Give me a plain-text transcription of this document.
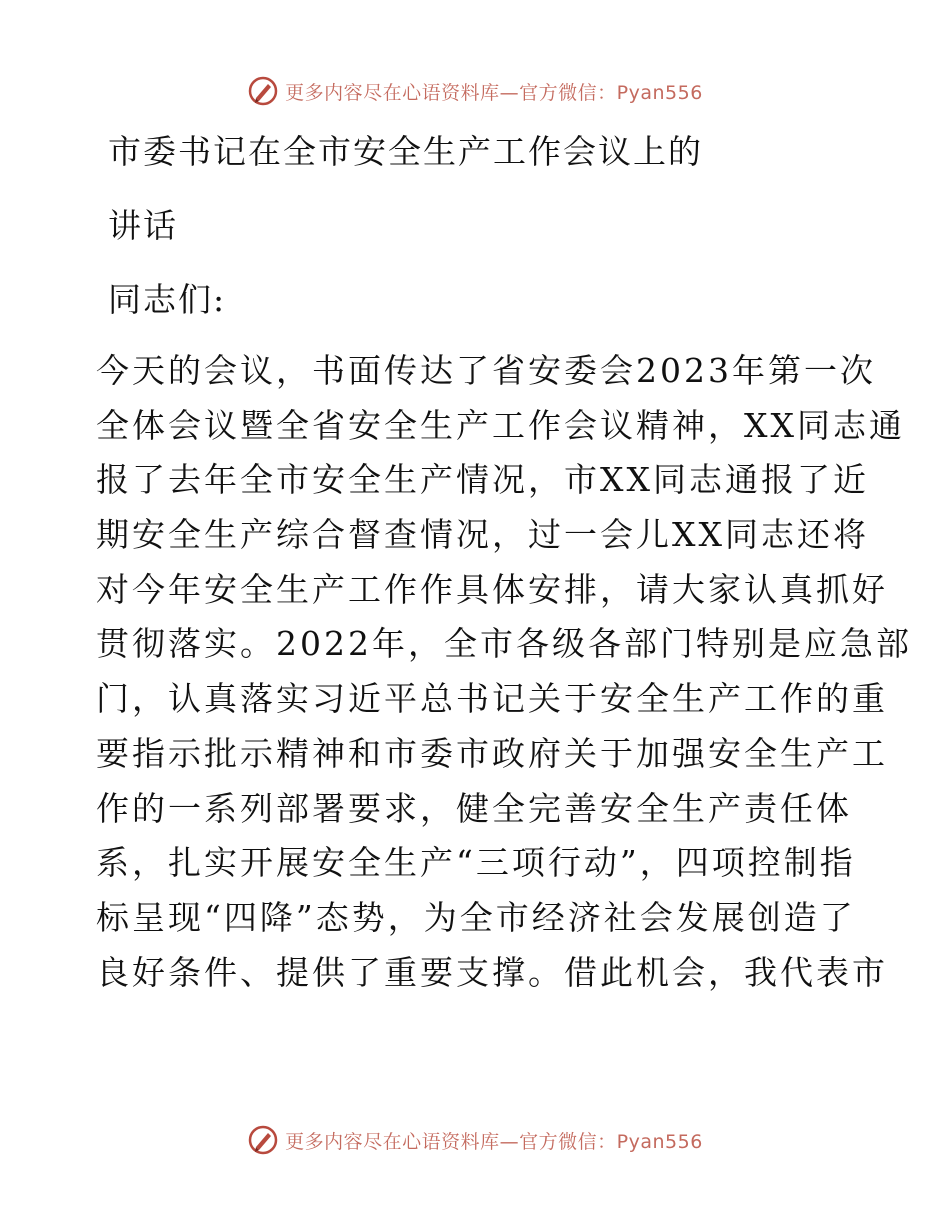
更多内容尽在心语资料库—官方微信：Pyan556
市委书记在全市安全生产工作会议上的
讲话
同志们:
今天的会议，书面传达了省安委会2023年第一次
全体会议暨全省安全生产工作会议精神，XX同志通
报了去年全市安全生产情况，市XX同志通报了近
期安全生产综合督查情况，过一会儿XX同志还将
对今年安全生产工作作具体安排，请大家认真抓好
贯彻落实。2022年，全市各级各部门特别是应急部
门，认真落实习近平总书记关于安全生产工作的重
要指示批示精神和市委市政府关于加强安全生产工
作的一系列部署要求，健全完善安全生产责任体
系，扎实开展安全生产“三项行动”，四项控制指
标呈现“四降”态势，为全市经济社会发展创造了
良好条件、提供了重要支撑。借此机会，我代表市
更多内容尽在心语资料库—官方微信：Pyan556
